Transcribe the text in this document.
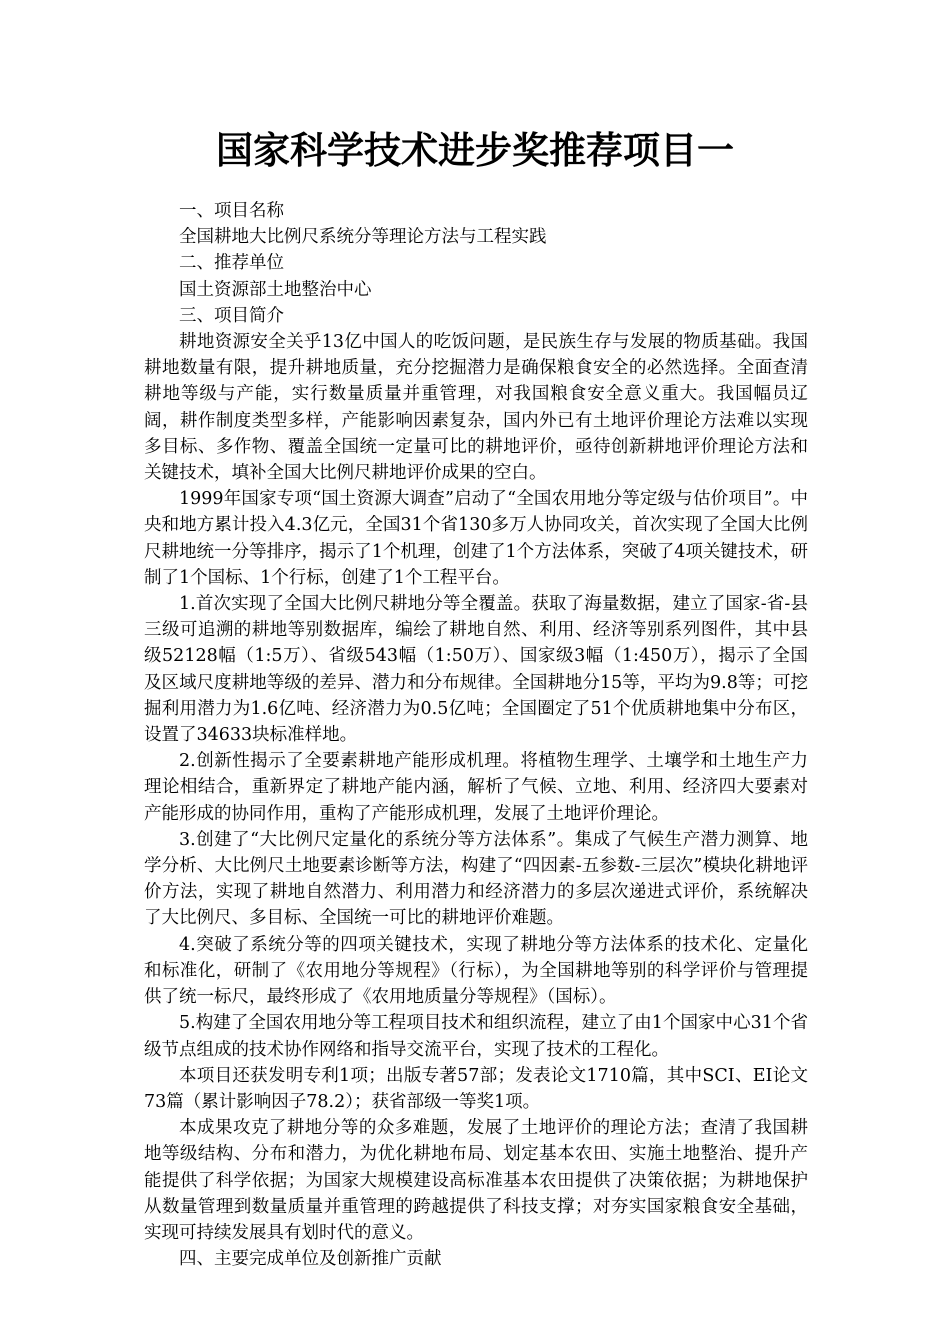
国家科学技术进步奖推荐项目一

一、项目名称

全国耕地大比例尺系统分等理论方法与工程实践

二、推荐单位

国土资源部土地整治中心

三、项目简介

耕地资源安全关乎13亿中国人的吃饭问题，是民族生存与发展的物质基础。我国耕地数量有限，提升耕地质量，充分挖掘潜力是确保粮食安全的必然选择。全面查清耕地等级与产能，实行数量质量并重管理，对我国粮食安全意义重大。我国幅员辽阔，耕作制度类型多样，产能影响因素复杂，国内外已有土地评价理论方法难以实现多目标、多作物、覆盖全国统一定量可比的耕地评价，亟待创新耕地评价理论方法和关键技术，填补全国大比例尺耕地评价成果的空白。

1999年国家专项“国土资源大调查”启动了“全国农用地分等定级与估价项目”。中央和地方累计投入4.3亿元，全国31个省130多万人协同攻关，首次实现了全国大比例尺耕地统一分等排序，揭示了1个机理，创建了1个方法体系，突破了4项关键技术，研制了1个国标、1个行标，创建了1个工程平台。

1.首次实现了全国大比例尺耕地分等全覆盖。获取了海量数据，建立了国家-省-县三级可追溯的耕地等别数据库，编绘了耕地自然、利用、经济等别系列图件，其中县级52128幅（1:5万）、省级543幅（1:50万）、国家级3幅（1:450万），揭示了全国及区域尺度耕地等级的差异、潜力和分布规律。全国耕地分15等，平均为9.8等；可挖掘利用潜力为1.6亿吨、经济潜力为0.5亿吨；全国圈定了51个优质耕地集中分布区，设置了34633块标准样地。

2.创新性揭示了全要素耕地产能形成机理。将植物生理学、土壤学和土地生产力理论相结合，重新界定了耕地产能内涵，解析了气候、立地、利用、经济四大要素对产能形成的协同作用，重构了产能形成机理，发展了土地评价理论。

3.创建了“大比例尺定量化的系统分等方法体系”。集成了气候生产潜力测算、地学分析、大比例尺土地要素诊断等方法，构建了“四因素-五参数-三层次”模块化耕地评价方法，实现了耕地自然潜力、利用潜力和经济潜力的多层次递进式评价，系统解决了大比例尺、多目标、全国统一可比的耕地评价难题。

4.突破了系统分等的四项关键技术，实现了耕地分等方法体系的技术化、定量化和标准化，研制了《农用地分等规程》（行标），为全国耕地等别的科学评价与管理提供了统一标尺，最终形成了《农用地质量分等规程》（国标）。

5.构建了全国农用地分等工程项目技术和组织流程，建立了由1个国家中心31个省级节点组成的技术协作网络和指导交流平台，实现了技术的工程化。

本项目还获发明专利1项；出版专著57部；发表论文1710篇，其中SCI、EI论文73篇（累计影响因子78.2）；获省部级一等奖1项。

本成果攻克了耕地分等的众多难题，发展了土地评价的理论方法；查清了我国耕地等级结构、分布和潜力，为优化耕地布局、划定基本农田、实施土地整治、提升产能提供了科学依据；为国家大规模建设高标准基本农田提供了决策依据；为耕地保护从数量管理到数量质量并重管理的跨越提供了科技支撑；对夯实国家粮食安全基础，实现可持续发展具有划时代的意义。

四、主要完成单位及创新推广贡献
